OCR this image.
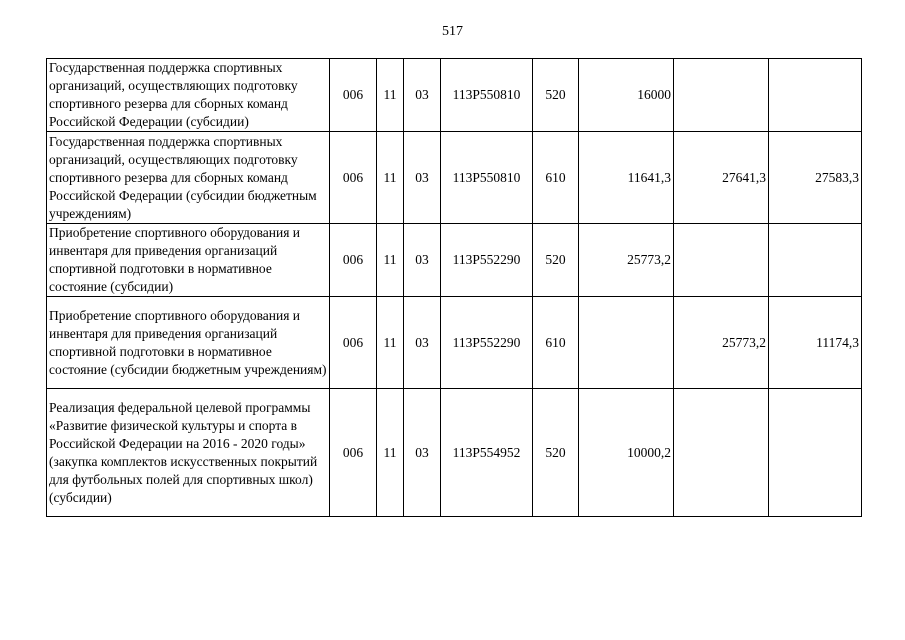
517
Государственная поддержка спортивных организаций, осуществляющих подготовку спортивного резерва для сборных команд Российской Федерации (субсидии)	006	11	03	113P550810	520	16000		
Государственная поддержка спортивных организаций, осуществляющих подготовку спортивного резерва для сборных команд Российской Федерации (субсидии бюджетным учреждениям)	006	11	03	113P550810	610	11641,3	27641,3	27583,3
Приобретение спортивного оборудования и инвентаря для приведения организаций спортивной подготовки в нормативное состояние (субсидии)	006	11	03	113P552290	520	25773,2		
Приобретение спортивного оборудования и инвентаря для приведения организаций спортивной подготовки в нормативное состояние (субсидии бюджетным учреждениям)	006	11	03	113P552290	610		25773,2	11174,3
Реализация федеральной целевой программы «Развитие физической культуры и спорта в Российской Федерации на 2016 - 2020 годы» (закупка комплектов искусственных покрытий для футбольных полей для спортивных школ) (субсидии)	006	11	03	113P554952	520	10000,2		
